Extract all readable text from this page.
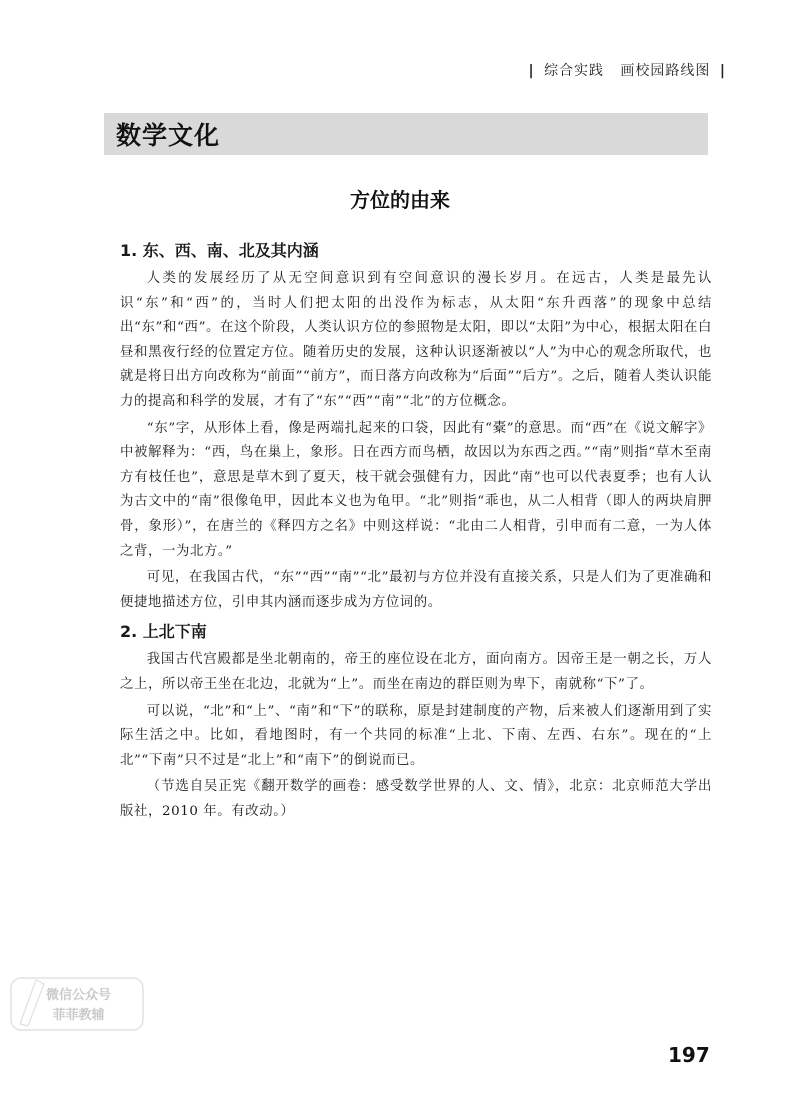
| 综合实践 画校园路线图 |
数学文化
方位的由来
1. 东、西、南、北及其内涵

人类的发展经历了从无空间意识到有空间意识的漫长岁月。在远古，人类是最先认识“东”和“西”的，当时人们把太阳的出没作为标志，从太阳“东升西落”的现象中总结出“东”和“西”。在这个阶段，人类认识方位的参照物是太阳，即以“太阳”为中心，根据太阳在白昼和黑夜行经的位置定方位。随着历史的发展，这种认识逐渐被以“人”为中心的观念所取代，也就是将日出方向改称为“前面”“前方”，而日落方向改称为“后面”“后方”。之后，随着人类认识能力的提高和科学的发展，才有了“东”“西”“南”“北”的方位概念。

“东”字，从形体上看，像是两端扎起来的口袋，因此有“橐”的意思。而“西”在《说文解字》中被解释为：“西，鸟在巢上，象形。日在西方而鸟栖，故因以为东西之西。”“南”则指“草木至南方有枝任也”，意思是草木到了夏天，枝干就会强健有力，因此“南”也可以代表夏季；也有人认为古文中的“南”很像龟甲，因此本义也为龟甲。“北”则指“乖也，从二人相背（即人的两块肩胛骨，象形）”，在唐兰的《释四方之名》中则这样说：“北由二人相背，引申而有二意，一为人体之背，一为北方。”

可见，在我国古代，“东”“西”“南”“北”最初与方位并没有直接关系，只是人们为了更准确和便捷地描述方位，引申其内涵而逐步成为方位词的。

2. 上北下南

我国古代宫殿都是坐北朝南的，帝王的座位设在北方，面向南方。因帝王是一朝之长，万人之上，所以帝王坐在北边，北就为“上”。而坐在南边的群臣则为卑下，南就称“下”了。

可以说，“北”和“上”、“南”和“下”的联称，原是封建制度的产物，后来被人们逐渐用到了实际生活之中。比如，看地图时，有一个共同的标准“上北、下南、左西、右东”。现在的“上北”“下南”只不过是“北上”和“南下”的倒说而已。

（节选自吴正宪《翻开数学的画卷：感受数学世界的人、文、情》，北京：北京师范大学出版社，2010 年。有改动。）

微信公众号
菲菲教辅
197
